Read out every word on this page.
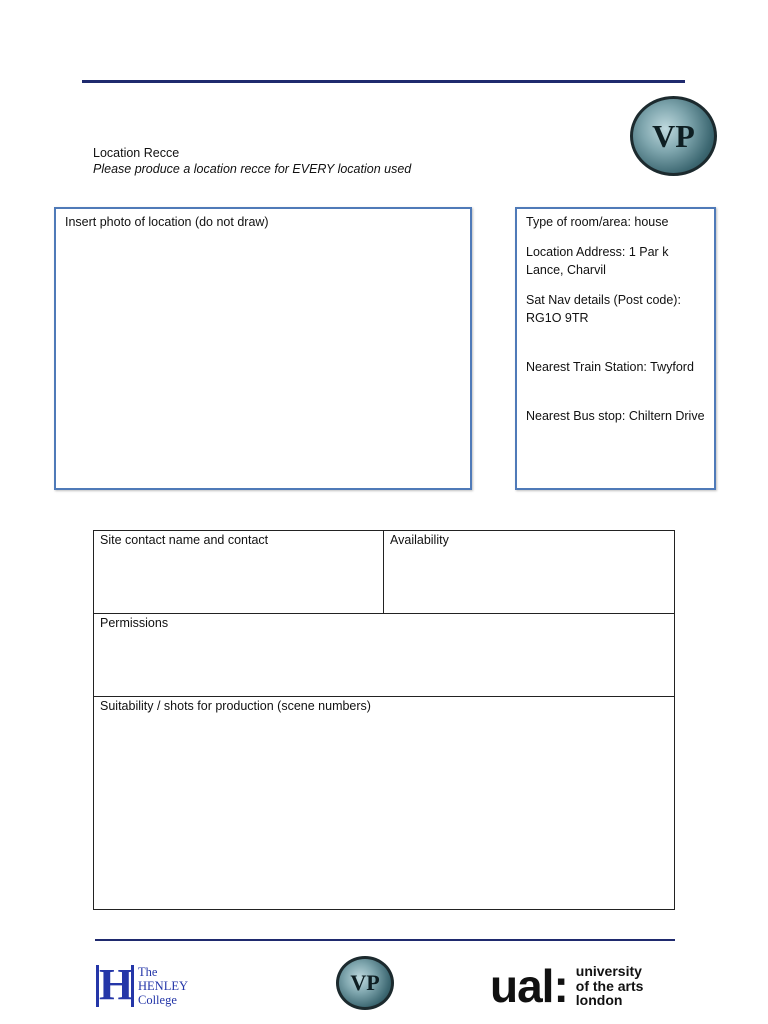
VP
Location Recce
Please produce a location recce for EVERY location used
Insert photo of location (do not draw)	Type of room/area: house

Location Address: 1 Par k Lance, Charvil

Sat Nav details (Post code): RG1O 9TR

Nearest Train Station: Twyford

Nearest Bus stop: Chiltern Drive

Site contact name and contact	Availability
Permissions
Suitability / shots for production (scene numbers)
H The
HENLEY
College
VP ual: university
of the arts
london
